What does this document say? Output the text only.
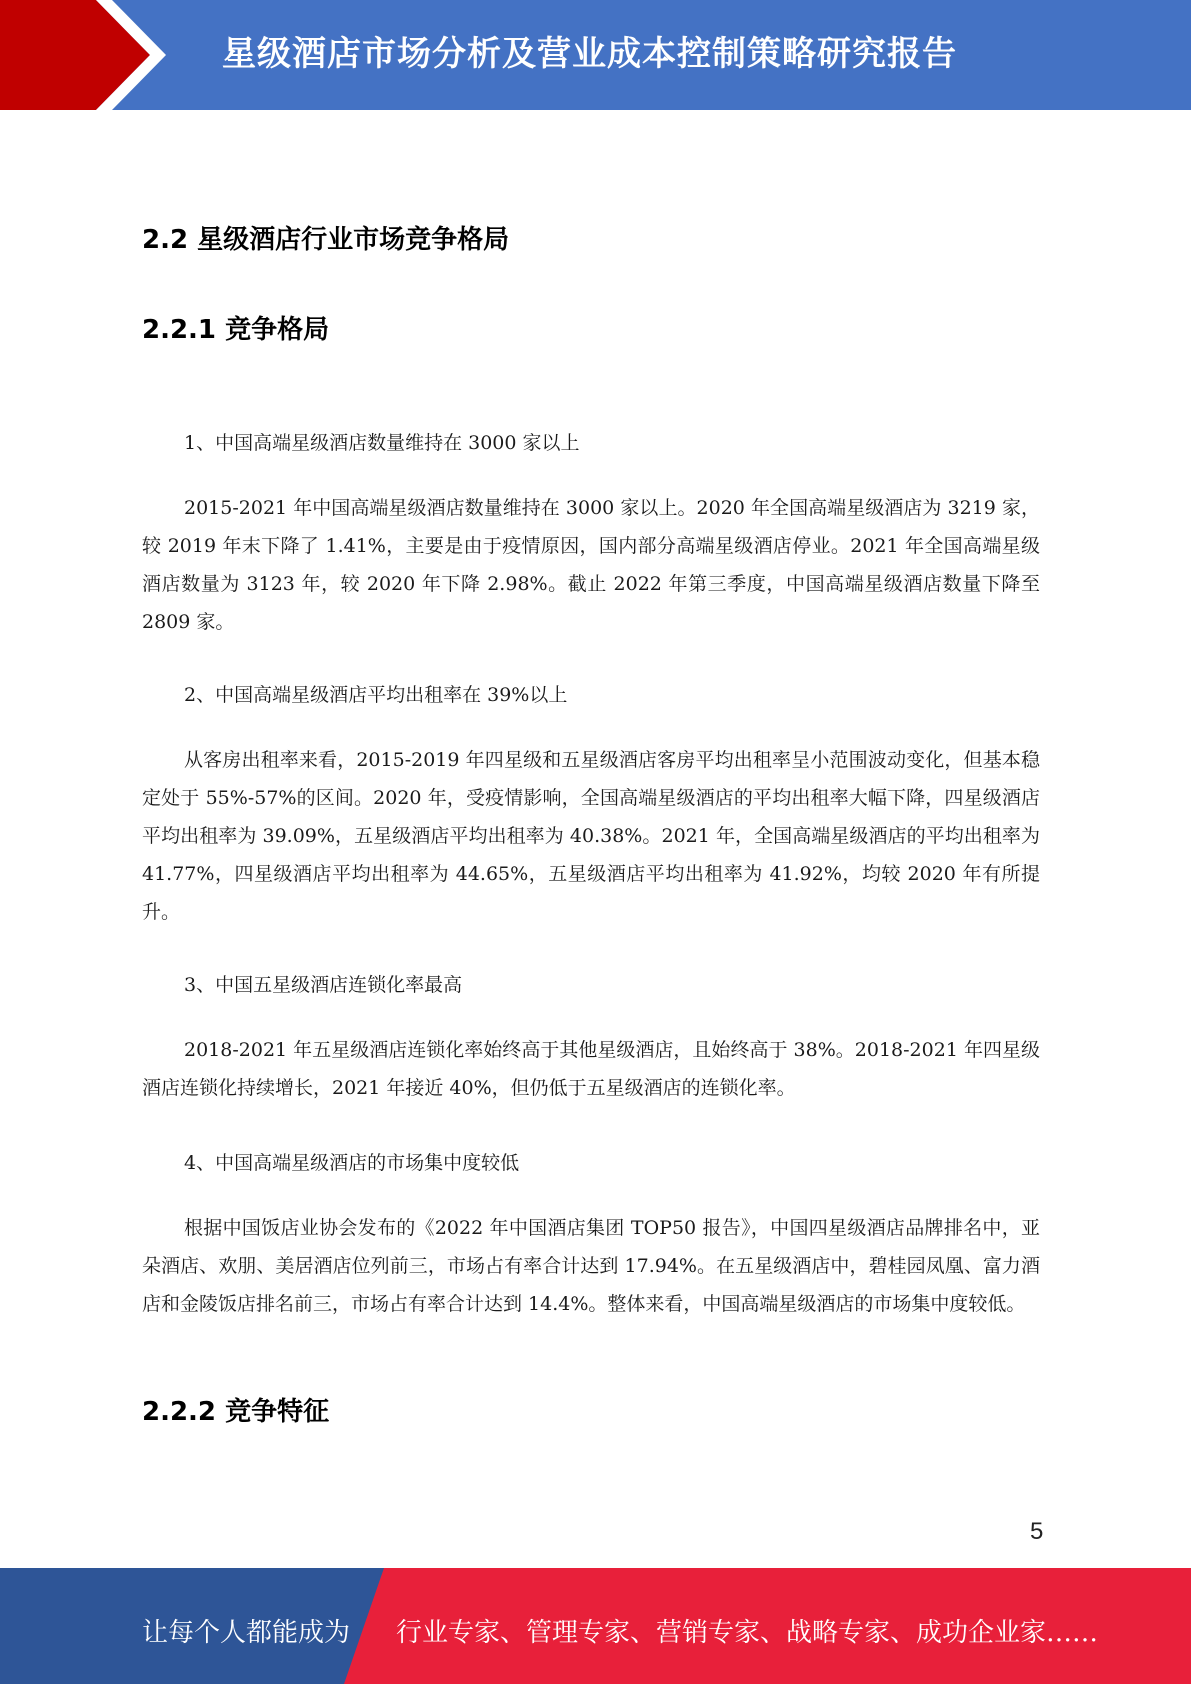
星级酒店市场分析及营业成本控制策略研究报告
2.2 星级酒店行业市场竞争格局
2.2.1 竞争格局
1、中国高端星级酒店数量维持在 3000 家以上
2015-2021 年中国高端星级酒店数量维持在 3000 家以上。2020 年全国高端星级酒店为 3219 家，较 2019 年末下降了 1.41%，主要是由于疫情原因，国内部分高端星级酒店停业。2021 年全国高端星级酒店数量为 3123 年，较 2020 年下降 2.98%。截止 2022 年第三季度，中国高端星级酒店数量下降至 2809 家。
2、中国高端星级酒店平均出租率在 39%以上
从客房出租率来看，2015-2019 年四星级和五星级酒店客房平均出租率呈小范围波动变化，但基本稳定处于 55%-57%的区间。2020 年，受疫情影响，全国高端星级酒店的平均出租率大幅下降，四星级酒店平均出租率为 39.09%，五星级酒店平均出租率为 40.38%。2021 年，全国高端星级酒店的平均出租率为 41.77%，四星级酒店平均出租率为 44.65%，五星级酒店平均出租率为 41.92%，均较 2020 年有所提升。
3、中国五星级酒店连锁化率最高
2018-2021 年五星级酒店连锁化率始终高于其他星级酒店，且始终高于 38%。2018-2021 年四星级酒店连锁化持续增长，2021 年接近 40%，但仍低于五星级酒店的连锁化率。
4、中国高端星级酒店的市场集中度较低
根据中国饭店业协会发布的《2022 年中国酒店集团 TOP50 报告》，中国四星级酒店品牌排名中，亚朵酒店、欢朋、美居酒店位列前三，市场占有率合计达到 17.94%。在五星级酒店中，碧桂园凤凰、富力酒店和金陵饭店排名前三，市场占有率合计达到 14.4%。整体来看，中国高端星级酒店的市场集中度较低。
2.2.2 竞争特征
5
让每个人都能成为 行业专家、管理专家、营销专家、战略专家、成功企业家……
